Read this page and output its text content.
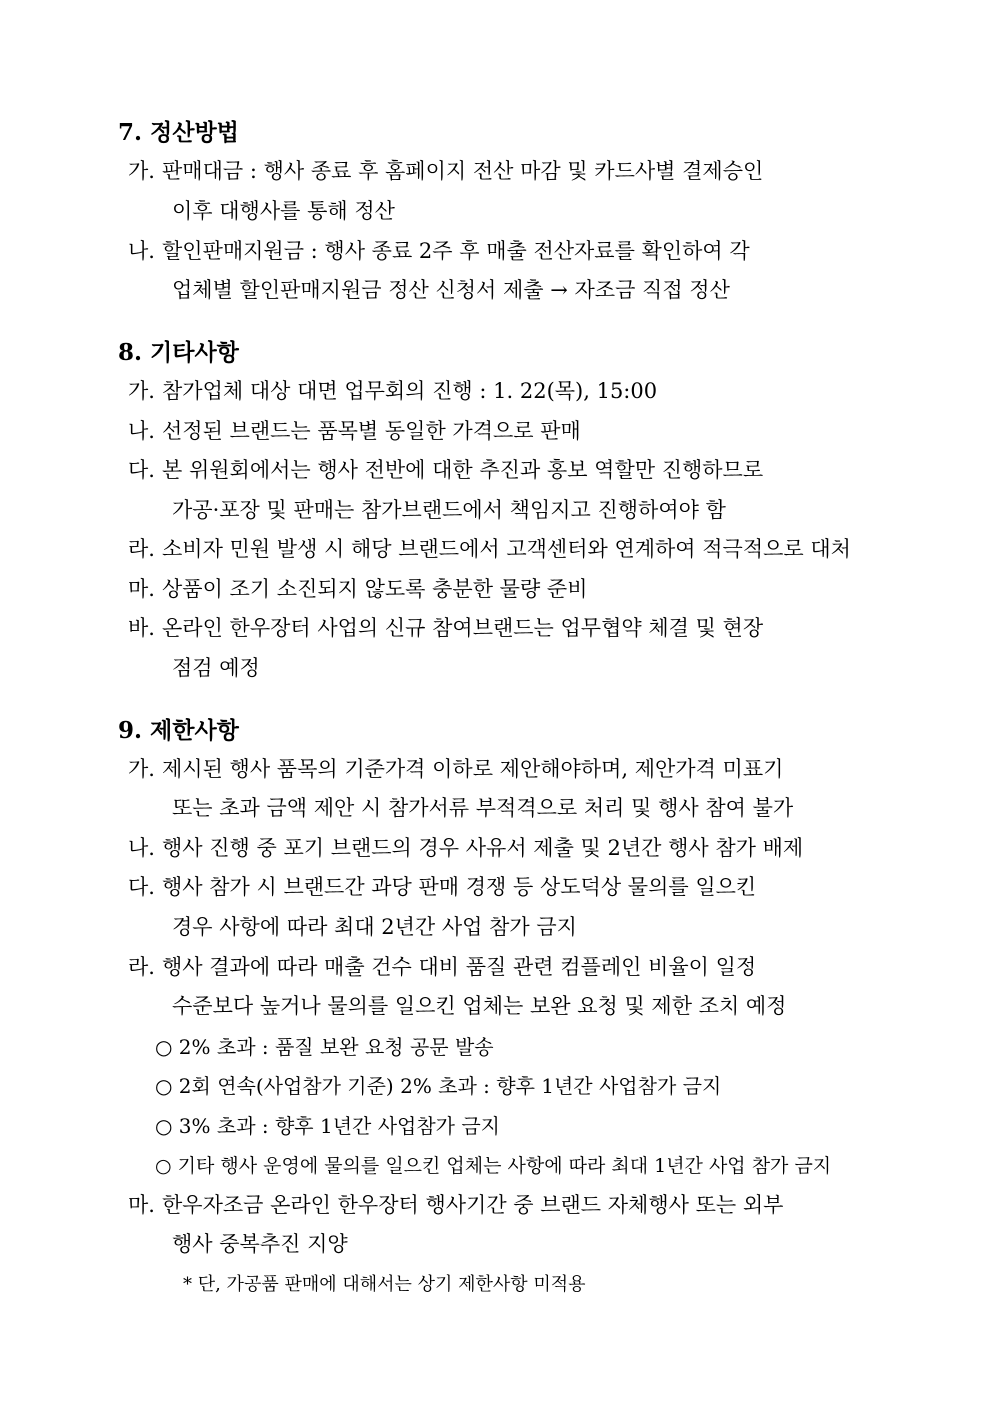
7. 정산방법
가. 판매대금 : 행사 종료 후 홈페이지 전산 마감 및 카드사별 결제승인
이후 대행사를 통해 정산
나. 할인판매지원금 : 행사 종료 2주 후 매출 전산자료를 확인하여 각
업체별 할인판매지원금 정산 신청서 제출 → 자조금 직접 정산
8. 기타사항
가. 참가업체 대상 대면 업무회의 진행 : 1. 22(목), 15:00
나. 선정된 브랜드는 품목별 동일한 가격으로 판매
다. 본 위원회에서는 행사 전반에 대한 추진과 홍보 역할만 진행하므로
가공·포장 및 판매는 참가브랜드에서 책임지고 진행하여야 함
라. 소비자 민원 발생 시 해당 브랜드에서 고객센터와 연계하여 적극적으로 대처
마. 상품이 조기 소진되지 않도록 충분한 물량 준비
바. 온라인 한우장터 사업의 신규 참여브랜드는 업무협약 체결 및 현장
점검 예정
9. 제한사항
가. 제시된 행사 품목의 기준가격 이하로 제안해야하며, 제안가격 미표기
또는 초과 금액 제안 시 참가서류 부적격으로 처리 및 행사 참여 불가
나. 행사 진행 중 포기 브랜드의 경우 사유서 제출 및 2년간 행사 참가 배제
다. 행사 참가 시 브랜드간 과당 판매 경쟁 등 상도덕상 물의를 일으킨
경우 사항에 따라 최대 2년간 사업 참가 금지
라. 행사 결과에 따라 매출 건수 대비 품질 관련 컴플레인 비율이 일정
수준보다 높거나 물의를 일으킨 업체는 보완 요청 및 제한 조치 예정
○ 2% 초과 : 품질 보완 요청 공문 발송
○ 2회 연속(사업참가 기준) 2% 초과 : 향후 1년간 사업참가 금지
○ 3% 초과 : 향후 1년간 사업참가 금지
○ 기타 행사 운영에 물의를 일으킨 업체는 사항에 따라 최대 1년간 사업 참가 금지
마. 한우자조금 온라인 한우장터 행사기간 중 브랜드 자체행사 또는 외부
행사 중복추진 지양
* 단, 가공품 판매에 대해서는 상기 제한사항 미적용
